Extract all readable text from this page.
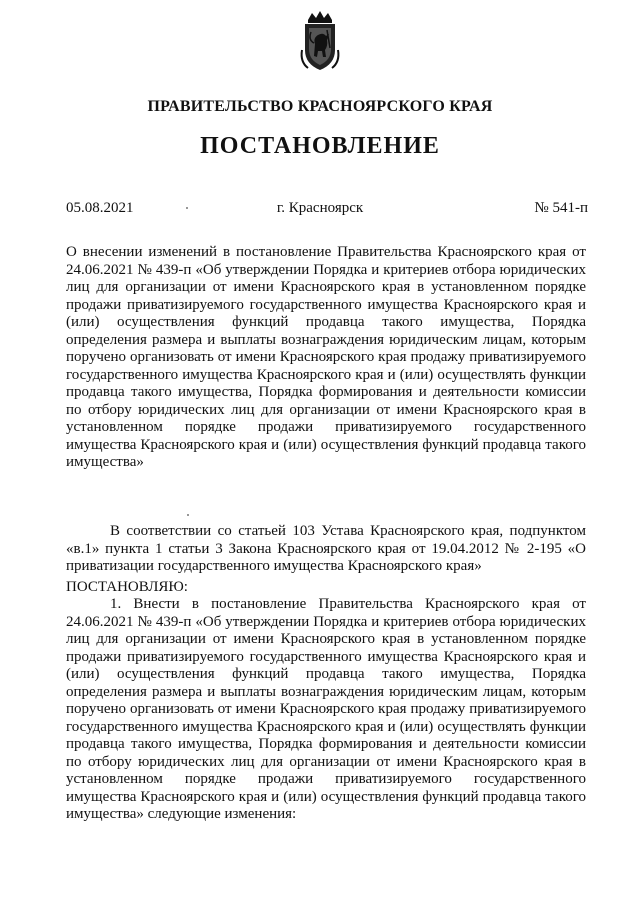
ПРАВИТЕЛЬСТВО КРАСНОЯРСКОГО КРАЯ
ПОСТАНОВЛЕНИЕ
05.08.2021	г. Красноярск	№ 541-п
О внесении изменений в постановление Правительства Красноярского края от 24.06.2021 № 439-п «Об утверждении Порядка и критериев отбора юридических лиц для организации от имени Красноярского края в установленном порядке продажи приватизируемого государственного имущества Красноярского края и (или) осуществления функций продавца такого имущества, Порядка определения размера и выплаты вознаграждения юридическим лицам, которым поручено организовать от имени Красноярского края продажу приватизируемого государственного имущества Красноярского края и (или) осуществлять функции продавца такого имущества, Порядка формирования и деятельности комиссии по отбору юридических лиц для организации от имени Красноярского края в установленном порядке продажи приватизируемого государственного имущества Красноярского края и (или) осуществления функций продавца такого имущества»
В соответствии со статьей 103 Устава Красноярского края, подпунктом «в.1» пункта 1 статьи 3 Закона Красноярского края от 19.04.2012 № 2-195 «О приватизации государственного имущества Красноярского края»
ПОСТАНОВЛЯЮ:
1. Внести в постановление Правительства Красноярского края от 24.06.2021 № 439-п «Об утверждении Порядка и критериев отбора юридических лиц для организации от имени Красноярского края в установленном порядке продажи приватизируемого государственного имущества Красноярского края и (или) осуществления функций продавца такого имущества, Порядка определения размера и выплаты вознаграждения юридическим лицам, которым поручено организовать от имени Красноярского края продажу приватизируемого государственного имущества Красноярского края и (или) осуществлять функции продавца такого имущества, Порядка формирования и деятельности комиссии по отбору юридических лиц для организации от имени Красноярского края в установленном порядке продажи приватизируемого государственного имущества Красноярского края и (или) осуществления функций продавца такого имущества» следующие изменения:
